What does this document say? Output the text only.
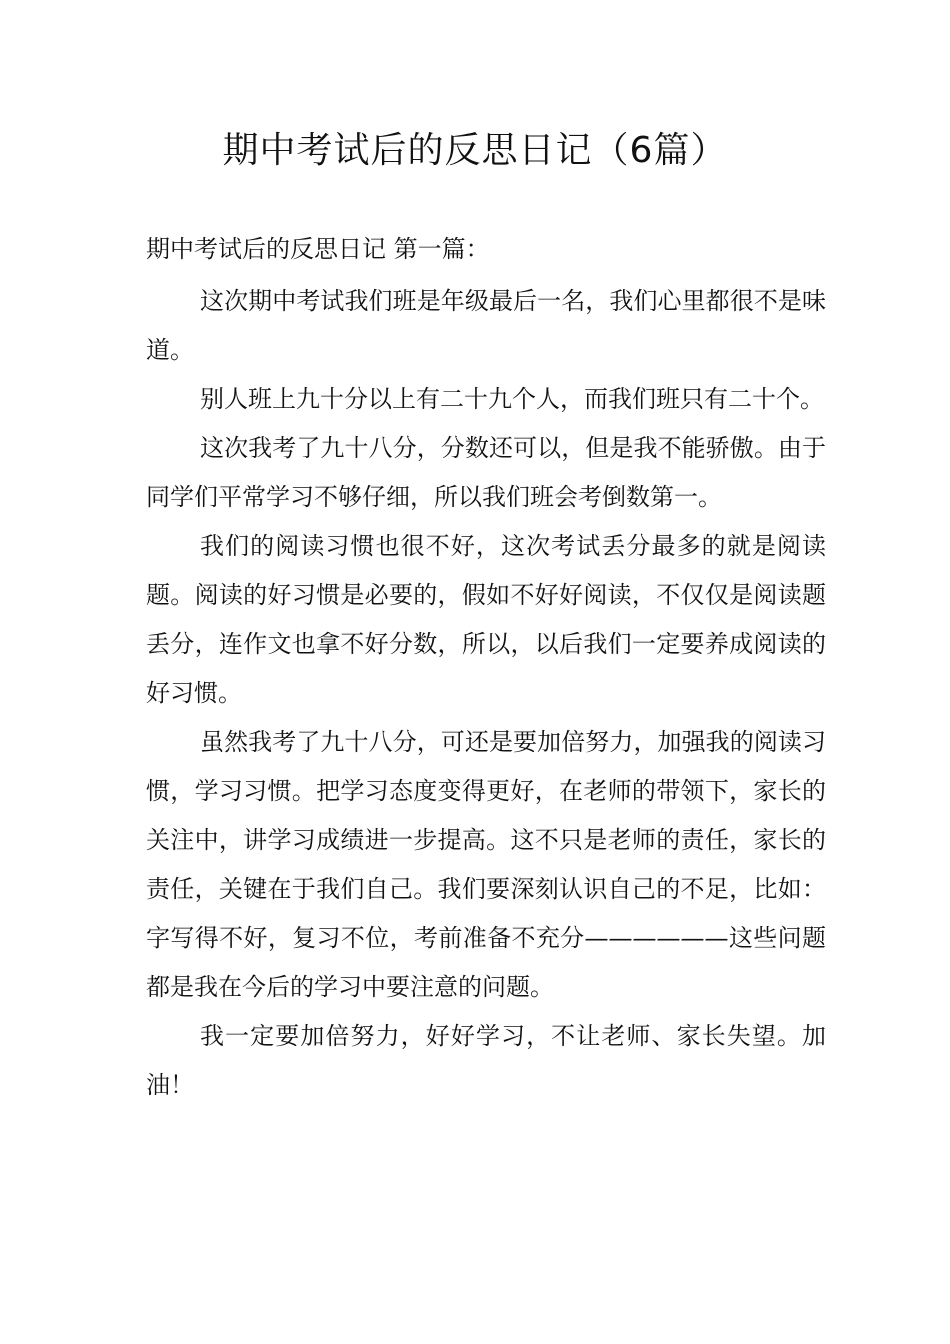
期中考试后的反思日记（6篇）

期中考试后的反思日记 第一篇：

这次期中考试我们班是年级最后一名，我们心里都很不是味道。

别人班上九十分以上有二十九个人，而我们班只有二十个。

这次我考了九十八分，分数还可以，但是我不能骄傲。由于同学们平常学习不够仔细，所以我们班会考倒数第一。

我们的阅读习惯也很不好，这次考试丢分最多的就是阅读题。阅读的好习惯是必要的，假如不好好阅读，不仅仅是阅读题丢分，连作文也拿不好分数，所以，以后我们一定要养成阅读的好习惯。

虽然我考了九十八分，可还是要加倍努力，加强我的阅读习惯，学习习惯。把学习态度变得更好，在老师的带领下，家长的关注中，讲学习成绩进一步提高。这不只是老师的责任，家长的责任，关键在于我们自己。我们要深刻认识自己的不足，比如：字写得不好，复习不位，考前准备不充分——————这些问题都是我在今后的学习中要注意的问题。

我一定要加倍努力，好好学习，不让老师、家长失望。加油！
